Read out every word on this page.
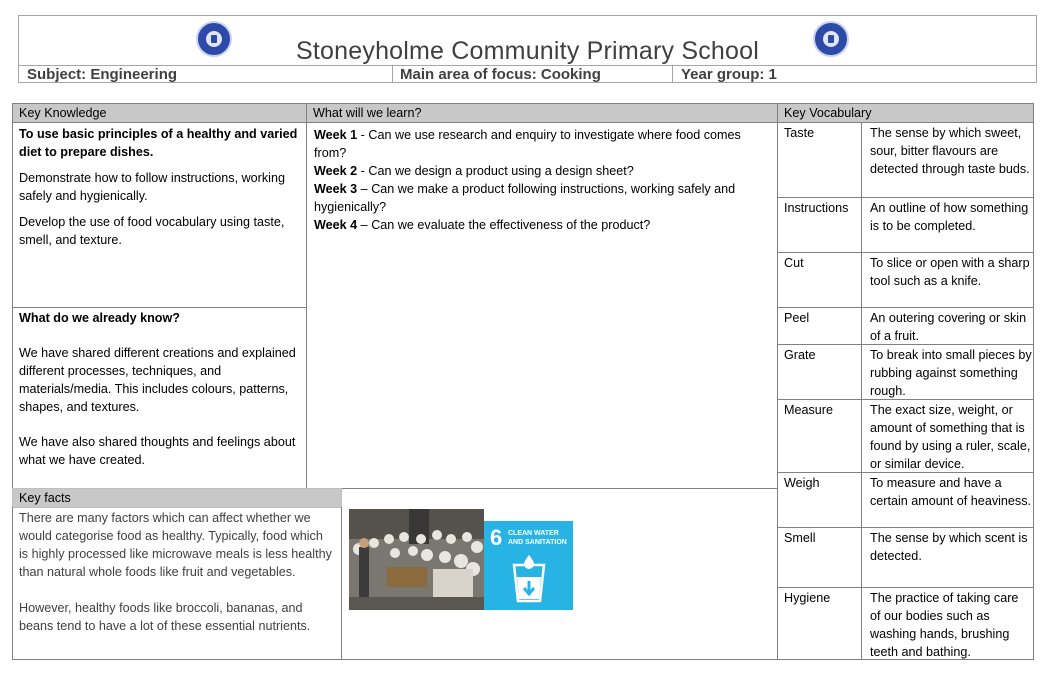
Stoneyholme Community Primary School
Subject: Engineering	Main area of focus: Cooking	Year group: 1
Key Knowledge

To use basic principles of a healthy and varied diet to prepare dishes.

Demonstrate how to follow instructions, working safely and hygienically.

Develop the use of food vocabulary using taste, smell, and texture.

What do we already know?

We have shared different creations and explained different processes, techniques, and materials/media. This includes colours, patterns, shapes, and textures.

We have also shared thoughts and feelings about what we have created.

What will we learn?

Week 1 - Can we use research and enquiry to investigate where food comes from?

Week 2 - Can we design a product using a design sheet?

Week 3 – Can we make a product following instructions, working safely and hygienically?

Week 4 – Can we evaluate the effectiveness of the product?

Key facts

There are many factors which can affect whether we would categorise food as healthy. Typically, food which is highly processed like microwave meals is less healthy than natural whole foods like fruit and vegetables.

However, healthy foods like broccoli, bananas, and beans tend to have a lot of these essential nutrients.

6 CLEAN WATER
AND SANITATION
Key Vocabulary
Taste	The sense by which sweet, sour, bitter flavours are detected through taste buds.
Instructions	An outline of how something is to be completed.
Cut	To slice or open with a sharp tool such as a knife.
Peel	An outering covering or skin of a fruit.
Grate	To break into small pieces by rubbing against something rough.
Measure	The exact size, weight, or amount of something that is found by using a ruler, scale, or similar device.
Weigh	To measure and have a certain amount of heaviness.
Smell	The sense by which scent is detected.
Hygiene	The practice of taking care of our bodies such as washing hands, brushing teeth and bathing.
